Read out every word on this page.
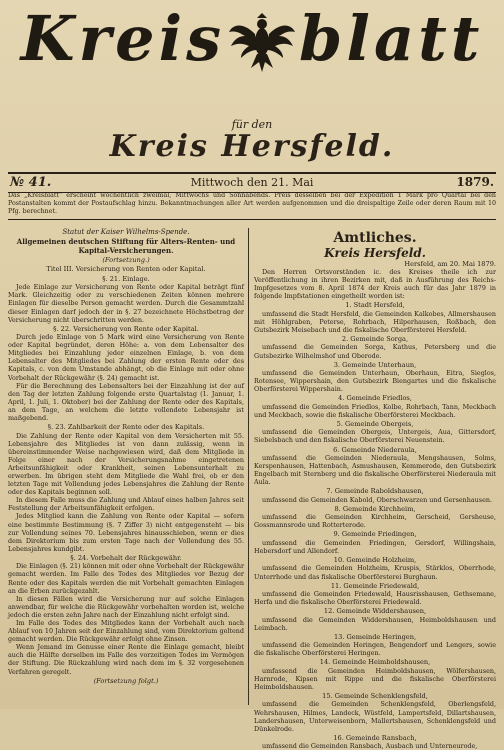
Kreis blatt
für den
Kreis Hersfeld.
№ 41.	Mittwoch den 21. Mai	1879.
Das „Kreisblatt“ erscheint wöchentlich zweimal, Mittwochs und Sonnabends. Preis desselben bei der Expedition 1 Mark pro Quartal bei den Postanstalten kommt der Postaufschlag hinzu. Bekanntmachungen aller Art werden aufgenommen und die dreispaltige Zeile oder deren Raum mit 10 Pfg. berechnet.
Statut der Kaiser Wilhelms-Spende.
Allgemeinen deutschen Stiftung für Alters-Renten- und Kapital-Versicherungen.
(Fortsetzung.)
Titel III. Versicherung von Renten oder Kapital.
§. 21. Einlage.

Jede Einlage zur Versicherung von Rente oder Kapital beträgt fünf Mark. Gleichzeitig oder zu verschiedenen Zeiten können mehrere Einlagen für dieselbe Person gemacht werden. Durch die Gesammtzahl dieser Einlagen darf jedoch der in §. 27 bezeichnete Höchstbetrag der Versicherung nicht überschritten werden.

§. 22. Versicherung von Rente oder Kapital.

Durch jede Einlage von 5 Mark wird eine Versicherung von Rente oder Kapital begründet, deren Höhe: a. von dem Lebensalter des Mitgliedes bei Einzahlung jeder einzelnen Einlage, b. von dem Lebensalter des Mitgliedes bei Zahlung der ersten Rente oder des Kapitals, c. von dem Umstande abhängt, ob die Einlage mit oder ohne Vorbehalt der Rückgewähr (§. 24) gemacht ist.

Für die Berechnung des Lebensalters bei der Einzahlung ist der auf den Tag der letzten Zahlung folgende erste Quartalstag (1. Januar, 1. April, 1. Juli, 1. Oktober) bei der Zahlung der Rente oder des Kapitals, an dem Tage, an welchem die letzte vollendete Lebensjahr ist maßgebend.

§. 23. Zahlbarkeit der Rente oder des Kapitals.

Die Zahlung der Rente oder Kapital von dem Versicherten mit 55. Lebensjahre des Mitgliedes ist von dann zulässig, wenn in übereinstimmender Weise nachgewiesen wird, daß dem Mitgliede in Folge einer nach der Versicherungsnahme eingetretenen Arbeitsunfähigkeit oder Krankheit, seinen Lebensunterhalt zu erwerben. Im übrigen steht dem Mitgliede die Wahl frei, ob er den letzten Tage mit Vollendung jedes Lebensjahres die Zahlung der Rente oder des Kapitals beginnen soll.

In diesem Falle muss die Zahlung und Ablauf eines halben Jahres seit Feststellung der Arbeitsunfähigkeit erfolgen.

Jedes Mitglied kann die Zahlung von Rente oder Kapital — sofern eine bestimmte Bestimmung (§. 7 Ziffer 3) nicht entgegensteht — bis zur Vollendung seines 70. Lebensjahres hinausschieben, wenn er dies dem Direktorium bis zum ersten Tage nach der Vollendung des 55. Lebensjahres kundgibt.

§. 24. Vorbehalt der Rückgewähr.

Die Einlagen (§. 21) können mit oder ohne Vorbehalt der Rückgewähr gemacht werden. Im Falle des Todes des Mitgliedes vor Bezug der Rente oder des Kapitals werden die mit Vorbehalt gemachten Einlagen an die Erben zurückgezahlt.

In diesen Fällen wird die Versicherung nur auf solche Einlagen anwendbar, für welche die Rückgewähr vorbehalten worden ist, welche jedoch die ersten zehn Jahre nach der Einzahlung nicht erfolgt sind.

Im Falle des Todes des Mitgliedes kann der Vorbehalt auch nach Ablauf von 10 Jahren seit der Einzahlung sind, vom Direktorium geltend gemacht werden. Die Rückgewähr erfolgt ohne Zinsen.

Wenn Jemand im Genusse einer Rente die Einlage gemacht, bleibt auch die Hälfte derselben im Falle des vorzeitigen Todes im Vermögen der Stiftung. Die Rückzahlung wird nach dem im §. 32 vorgesehenen Verfahren geregelt.

(Fortsetzung folgt.)
Amtliches.
Kreis Hersfeld.
Hersfeld, am 20. Mai 1879.

Den Herren Ortsvorständen ic. des Kreises theile ich zur Veröffentlichung in ihren Bezirken mit, daß in Ausführung des Reichs-Impfgesetzes vom 8. April 1874 der Kreis auch für das Jahr 1879 in folgende Impfstationen eingetheilt worden ist:

1. Stadt Hersfeld,

umfassend die Stadt Hersfeld, die Gemeinden Kalkobes, Allmershausen mit Höhlgraben, Peterse, Rohrbach, Hilperhausen, Roßbach, den Gutsbezirk Meisebach und die fiskalische Oberförsterei Hersfeld.

2. Gemeinde Sorga,

umfassend die Gemeinden Sorga, Kathus, Petersberg und die Gutsbezirke Wilhelmshof und Oberode.

3. Gemeinde Unterhaun,

umfassend die Gemeinden Unterhaun, Oberhaun, Eitra, Sieglos, Rotensee, Wippershain, den Gutsbezirk Biengartes und die fiskalische Oberförsterei Wippershain.

4. Gemeinde Friedlos,

umfassend die Gemeinden Friedlos, Kolbe, Rohrbach, Tann, Meckbach und Meckbach, sowie die fiskalische Oberförsterei Meckbach.

5. Gemeinde Obergeis,

umfassend die Gemeinden Obergeis, Untergeis, Aua, Gittersdorf, Siebelsbach und den fiskalische Oberförsterei Neuenstein.

6. Gemeinde Niederaula,

umfassend die Gemeinden Niederaula, Mengshausen, Solms, Kerspenhausen, Hattenbach, Asmushausen, Kemmerode, den Gutsbezirk Engelbach mit Sternberg und die fiskalische Oberförsterei Niederaula mit Aula.

7. Gemeinde Raboldshausen,

umfassend die Gemeinden Kabold, Oberschwarzen und Gersenhausen.

8. Gemeinde Kirchheim,

umfassend die Gemeinden Kirchheim, Gerscheid, Gersheuse, Gossmannsrode und Rotterterode.

9. Gemeinde Friedingen,

umfassend die Gemeinden Friedingen, Gersdorf, Willingshain, Hebersdorf und Allendorf.

10. Gemeinde Holzheim,

umfassend die Gemeinden Holzheim, Kruspis, Stärklos, Oberrhode, Unterrhode und das fiskalische Oberförsterei Burghaun.

11. Gemeinde Friedewald,

umfassend die Gemeinden Friedewald, Hausrisshausen, Gethsemane, Herfa und die fiskalische Oberförsterei Friedewald.

12. Gemeinde Widdershausen,

umfassend die Gemeinden Widdershausen, Heimboldshausen und Leimbach.

13. Gemeinde Heringen,

umfassend die Gemeinden Heringen, Bengendorf und Lengers, sowie die fiskalische Oberförsterei Heringen.

14. Gemeinde Heimboldshausen,

umfassend die Gemeinden Heimboldshausen, Wölfershausen, Harnrode, Kipsen mit Rippe und die fiskalische Oberförsterei Heimboldshausen.

15. Gemeinde Schenklengsfeld,

umfassend die Gemeinden Schenklengsfeld, Oberlengsfeld, Wehrshausen, Hilmes, Landeck, Wüstfeld, Lampertsfeld, Dillartshausen, Landershausen, Unterweisenborn, Mallertshausen, Schenklengsfeld und Dünkelrode.

16. Gemeinde Ransbach,

umfassend die Gemeinden Ransbach, Ausbach und Unterneurode,
